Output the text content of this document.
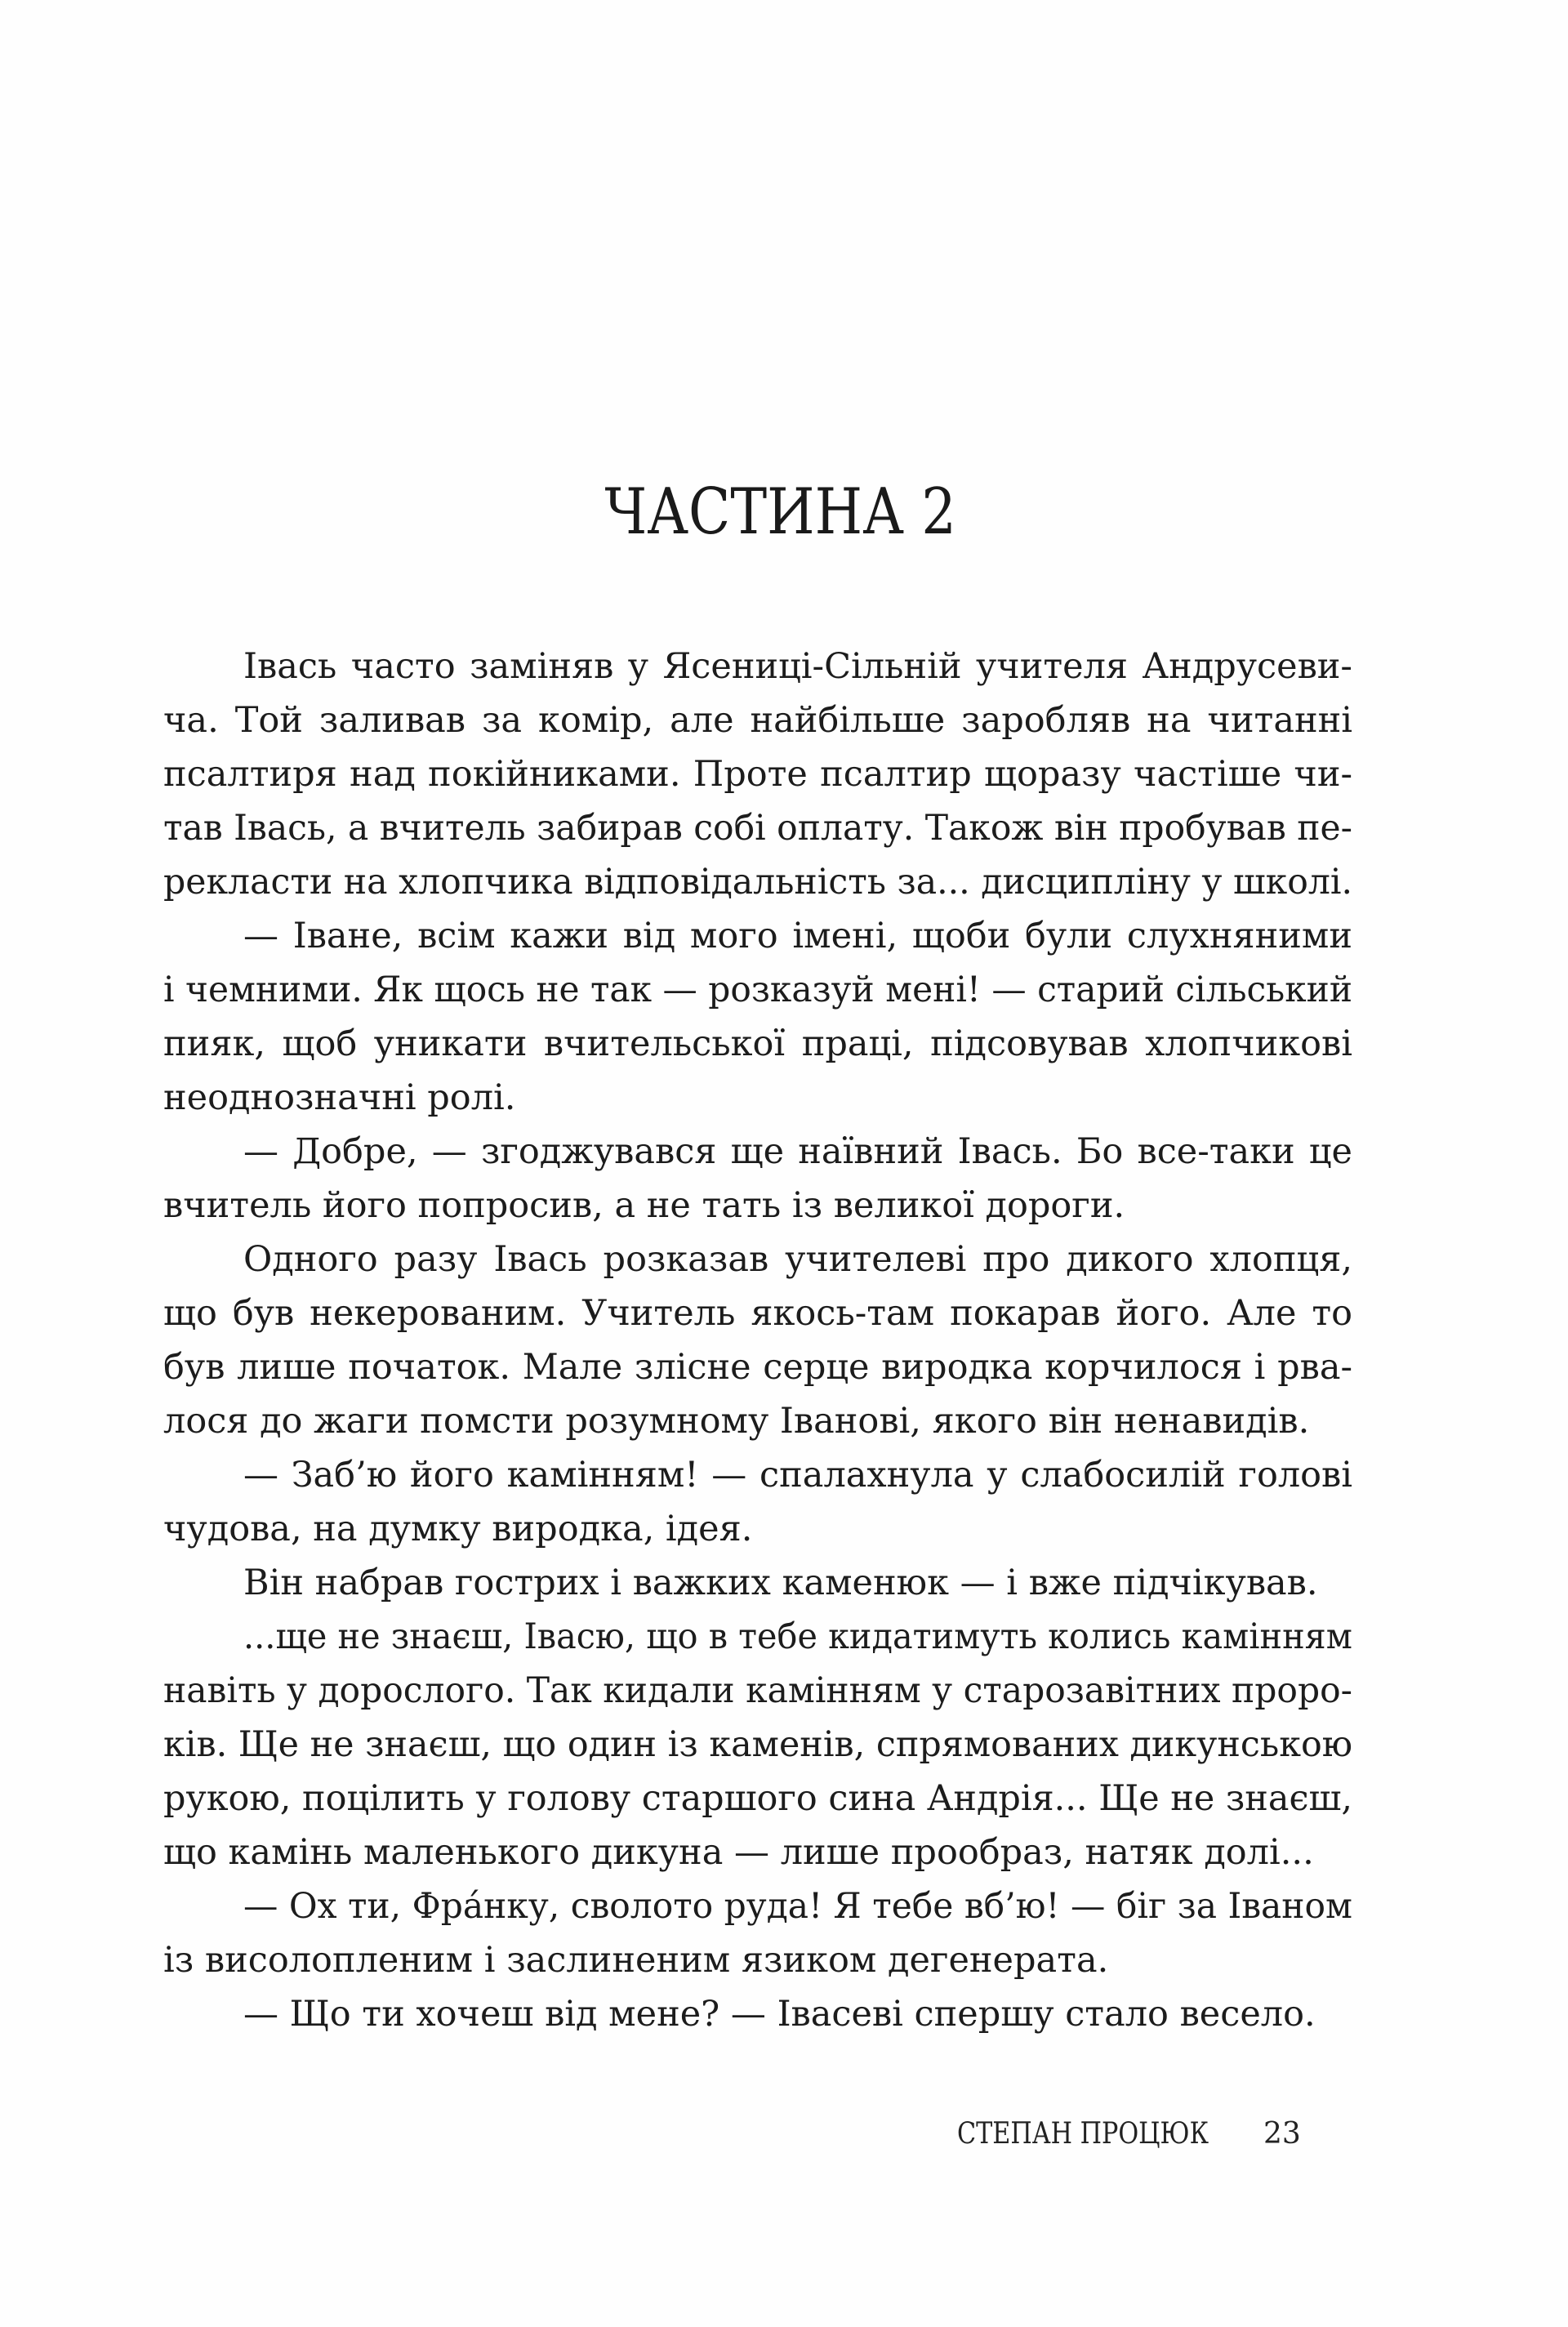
ЧАСТИНА 2
Івась часто заміняв у Ясениці-Сільній учителя Андрусеви-
ча. Той заливав за комір, але найбільше заробляв на читанні
псалтиря над покійниками. Проте псалтир щоразу частіше чи-
тав Івась, а вчитель забирав собі оплату. Також він пробував пе-
рекласти на хлопчика відповідальність за... дисципліну у школі.
— Іване, всім кажи від мого імені, щоби були слухняними
і чемними. Як щось не так — розказуй мені! — старий сільський
пияк, щоб уникати вчительської праці, підсовував хлопчикові
неоднозначні ролі.
— Добре, — згоджувався ще наївний Івась. Бо все-таки це
вчитель його попросив, а не тать із великої дороги.
Одного разу Івась розказав учителеві про дикого хлопця,
що був некерованим. Учитель якось-там покарав його. Але то
був лише початок. Мале злісне серце виродка корчилося і рва-
лося до жаги помсти розумному Іванові, якого він ненавидів.
— Заб’ю його камінням! — спалахнула у слабосилій голові
чудова, на думку виродка, ідея.
Він набрав гострих і важких каменюк — і вже підчікував.
...ще не знаєш, Івасю, що в тебе кидатимуть колись камінням
навіть у дорослого. Так кидали камінням у старозавітних проро-
ків. Ще не знаєш, що один із каменів, спрямованих дикунською
рукою, поцілить у голову старшого сина Андрія... Ще не знаєш,
що камінь маленького дикуна — лише прообраз, натяк долі...
— Ох ти, Фра́нку, сволото руда! Я тебе вб’ю! — біг за Іваном
із висолопленим і заслиненим язиком дегенерата.
— Що ти хочеш від мене? — Івасеві спершу стало весело.
СТЕПАН ПРОЦЮК 23
